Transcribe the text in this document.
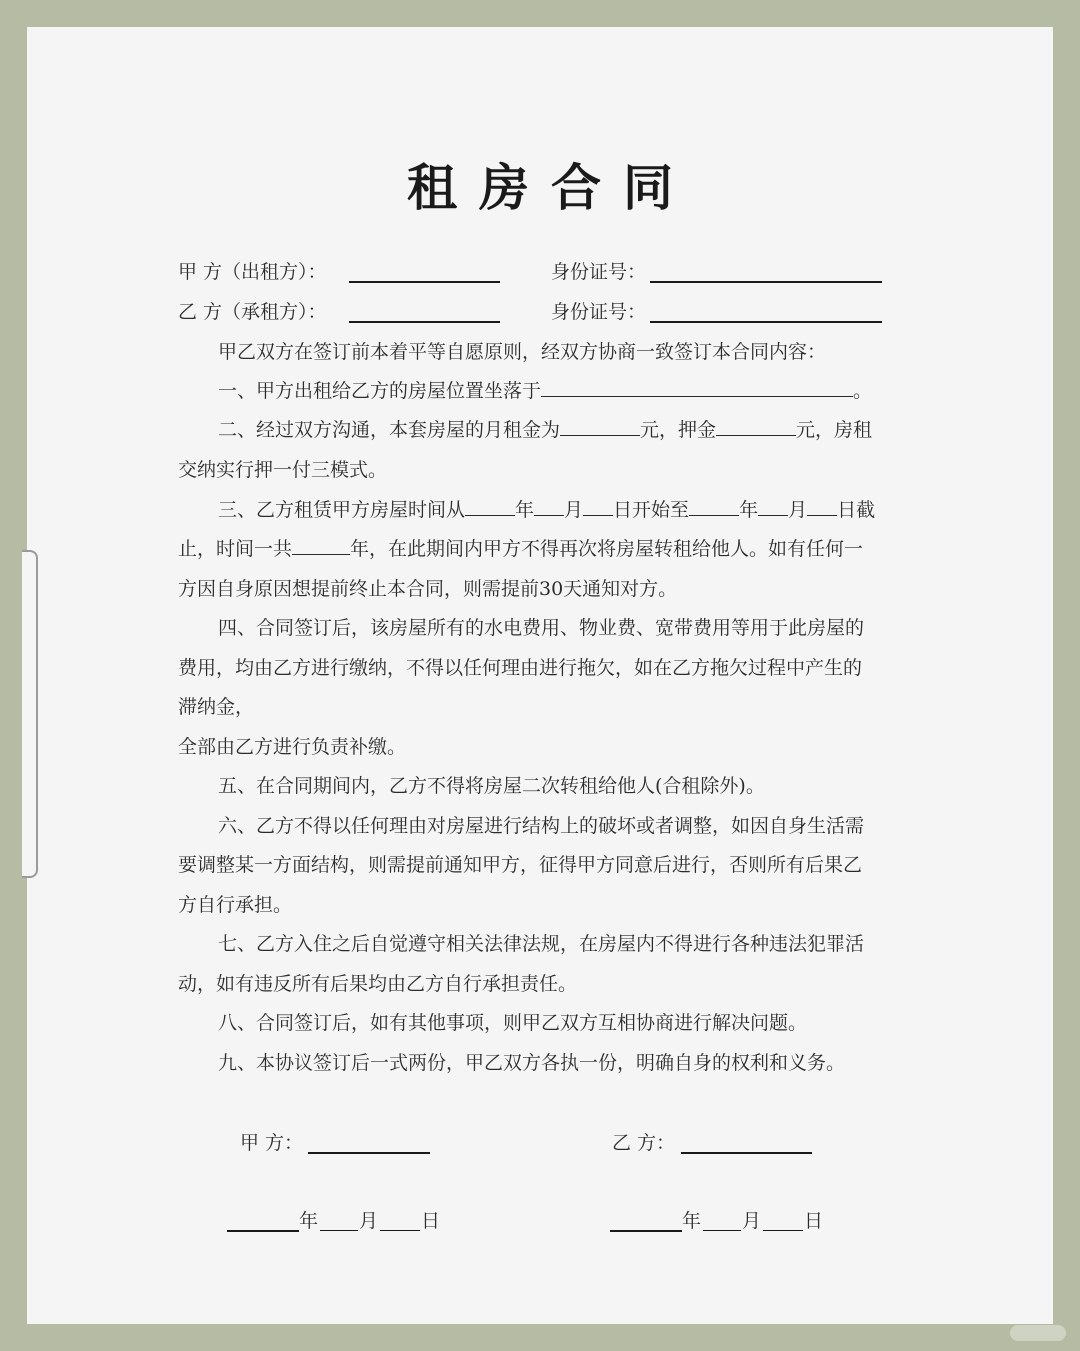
租房合同
甲 方（出租方）：	身份证号：
乙 方（承租方）：	身份证号：

甲乙双方在签订前本着平等自愿原则，经双方协商一致签订本合同内容：

一、甲方出租给乙方的房屋位置坐落于	。

二、经过双方沟通，本套房屋的月租金为	元，押金	元，房租

交纳实行押一付三模式。

三、乙方租赁甲方房屋时间从	年 月 日开始至	年 月 日截

止，时间一共	年，在此期间内甲方不得再次将房屋转租给他人。如有任何一

方因自身原因想提前终止本合同，则需提前30天通知对方。

四、合同签订后，该房屋所有的水电费用、物业费、宽带费用等用于此房屋的

费用，均由乙方进行缴纳，不得以任何理由进行拖欠，如在乙方拖欠过程中产生的

滞纳金，

全部由乙方进行负责补缴。

五、在合同期间内，乙方不得将房屋二次转租给他人(合租除外)。

六、乙方不得以任何理由对房屋进行结构上的破坏或者调整，如因自身生活需

要调整某一方面结构，则需提前通知甲方，征得甲方同意后进行，否则所有后果乙

方自行承担。

七、乙方入住之后自觉遵守相关法律法规，在房屋内不得进行各种违法犯罪活

动，如有违反所有后果均由乙方自行承担责任。

八、合同签订后，如有其他事项，则甲乙双方互相协商进行解决问题。

九、本协议签订后一式两份，甲乙双方各执一份，明确自身的权利和义务。

甲 方：	乙 方：
年 月 日	年 月 日
